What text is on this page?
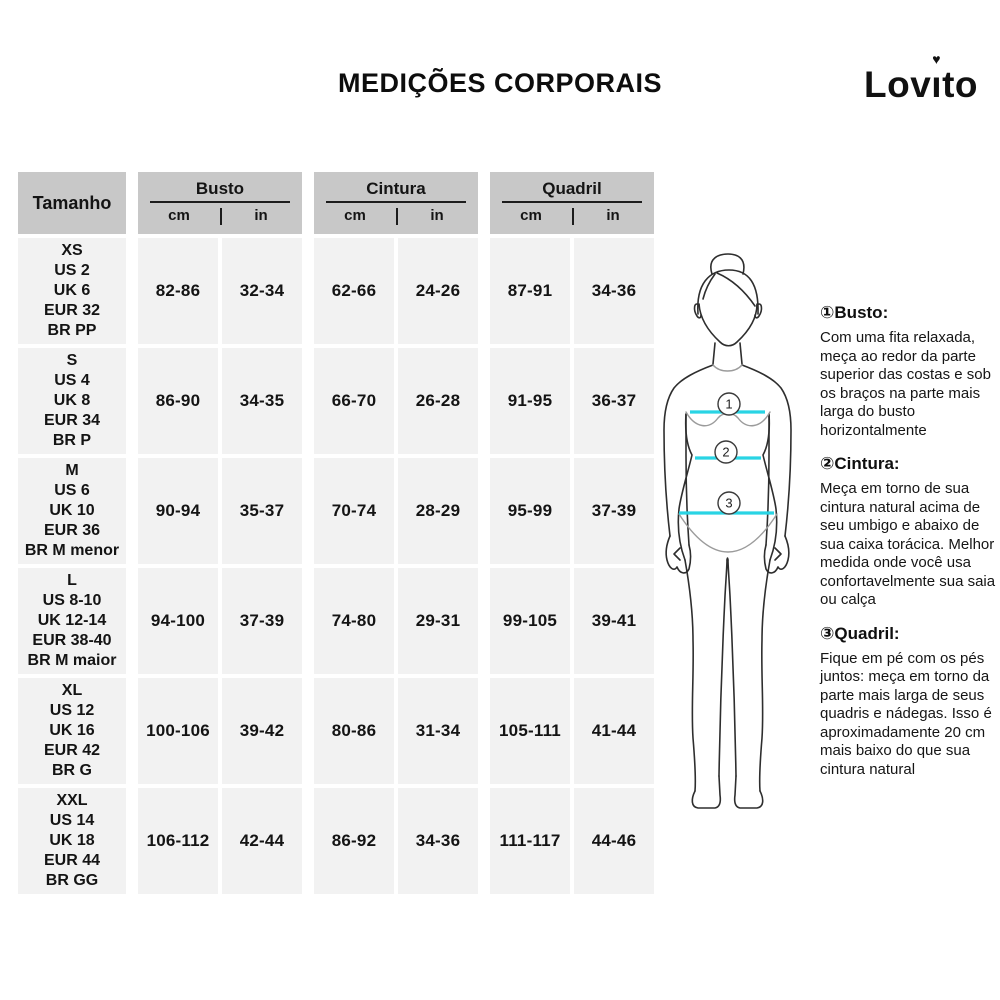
MEDIÇÕES CORPORAIS	Lovı
♥
to
Tamanho
Busto
cm	in
Cintura
cm	in
Quadril
cm	in
XS
US 2
UK 6
EUR 32
BR PP
82-86	32-34	62-66	24-26	87-91	34-36
S
US 4
UK 8
EUR 34
BR P
86-90	34-35	66-70	26-28	91-95	36-37
M
US 6
UK 10
EUR 36
BR M menor
90-94	35-37	70-74	28-29	95-99	37-39
L
US 8-10
UK 12-14
EUR 38-40
BR M maior
94-100	37-39	74-80	29-31	99-105	39-41
XL
US 12
UK 16
EUR 42
BR G
100-106	39-42	80-86	31-34	105-111	41-44
XXL
US 14
UK 18
EUR 44
BR GG
106-112	42-44	86-92	34-36	111-117	44-46
1
2
3
①Busto:

Com uma fita relaxada, meça ao redor da parte superior das costas e sob os braços na parte mais larga do busto horizontalmente

②Cintura:

Meça em torno de sua cintura natural acima de seu umbigo e abaixo de sua caixa torácica. Melhor medida onde você usa confortavelmente sua saia ou calça

③Quadril:

Fique em pé com os pés juntos: meça em torno da parte mais larga de seus quadris e nádegas. Isso é aproximadamente 20 cm mais baixo do que sua cintura natural
